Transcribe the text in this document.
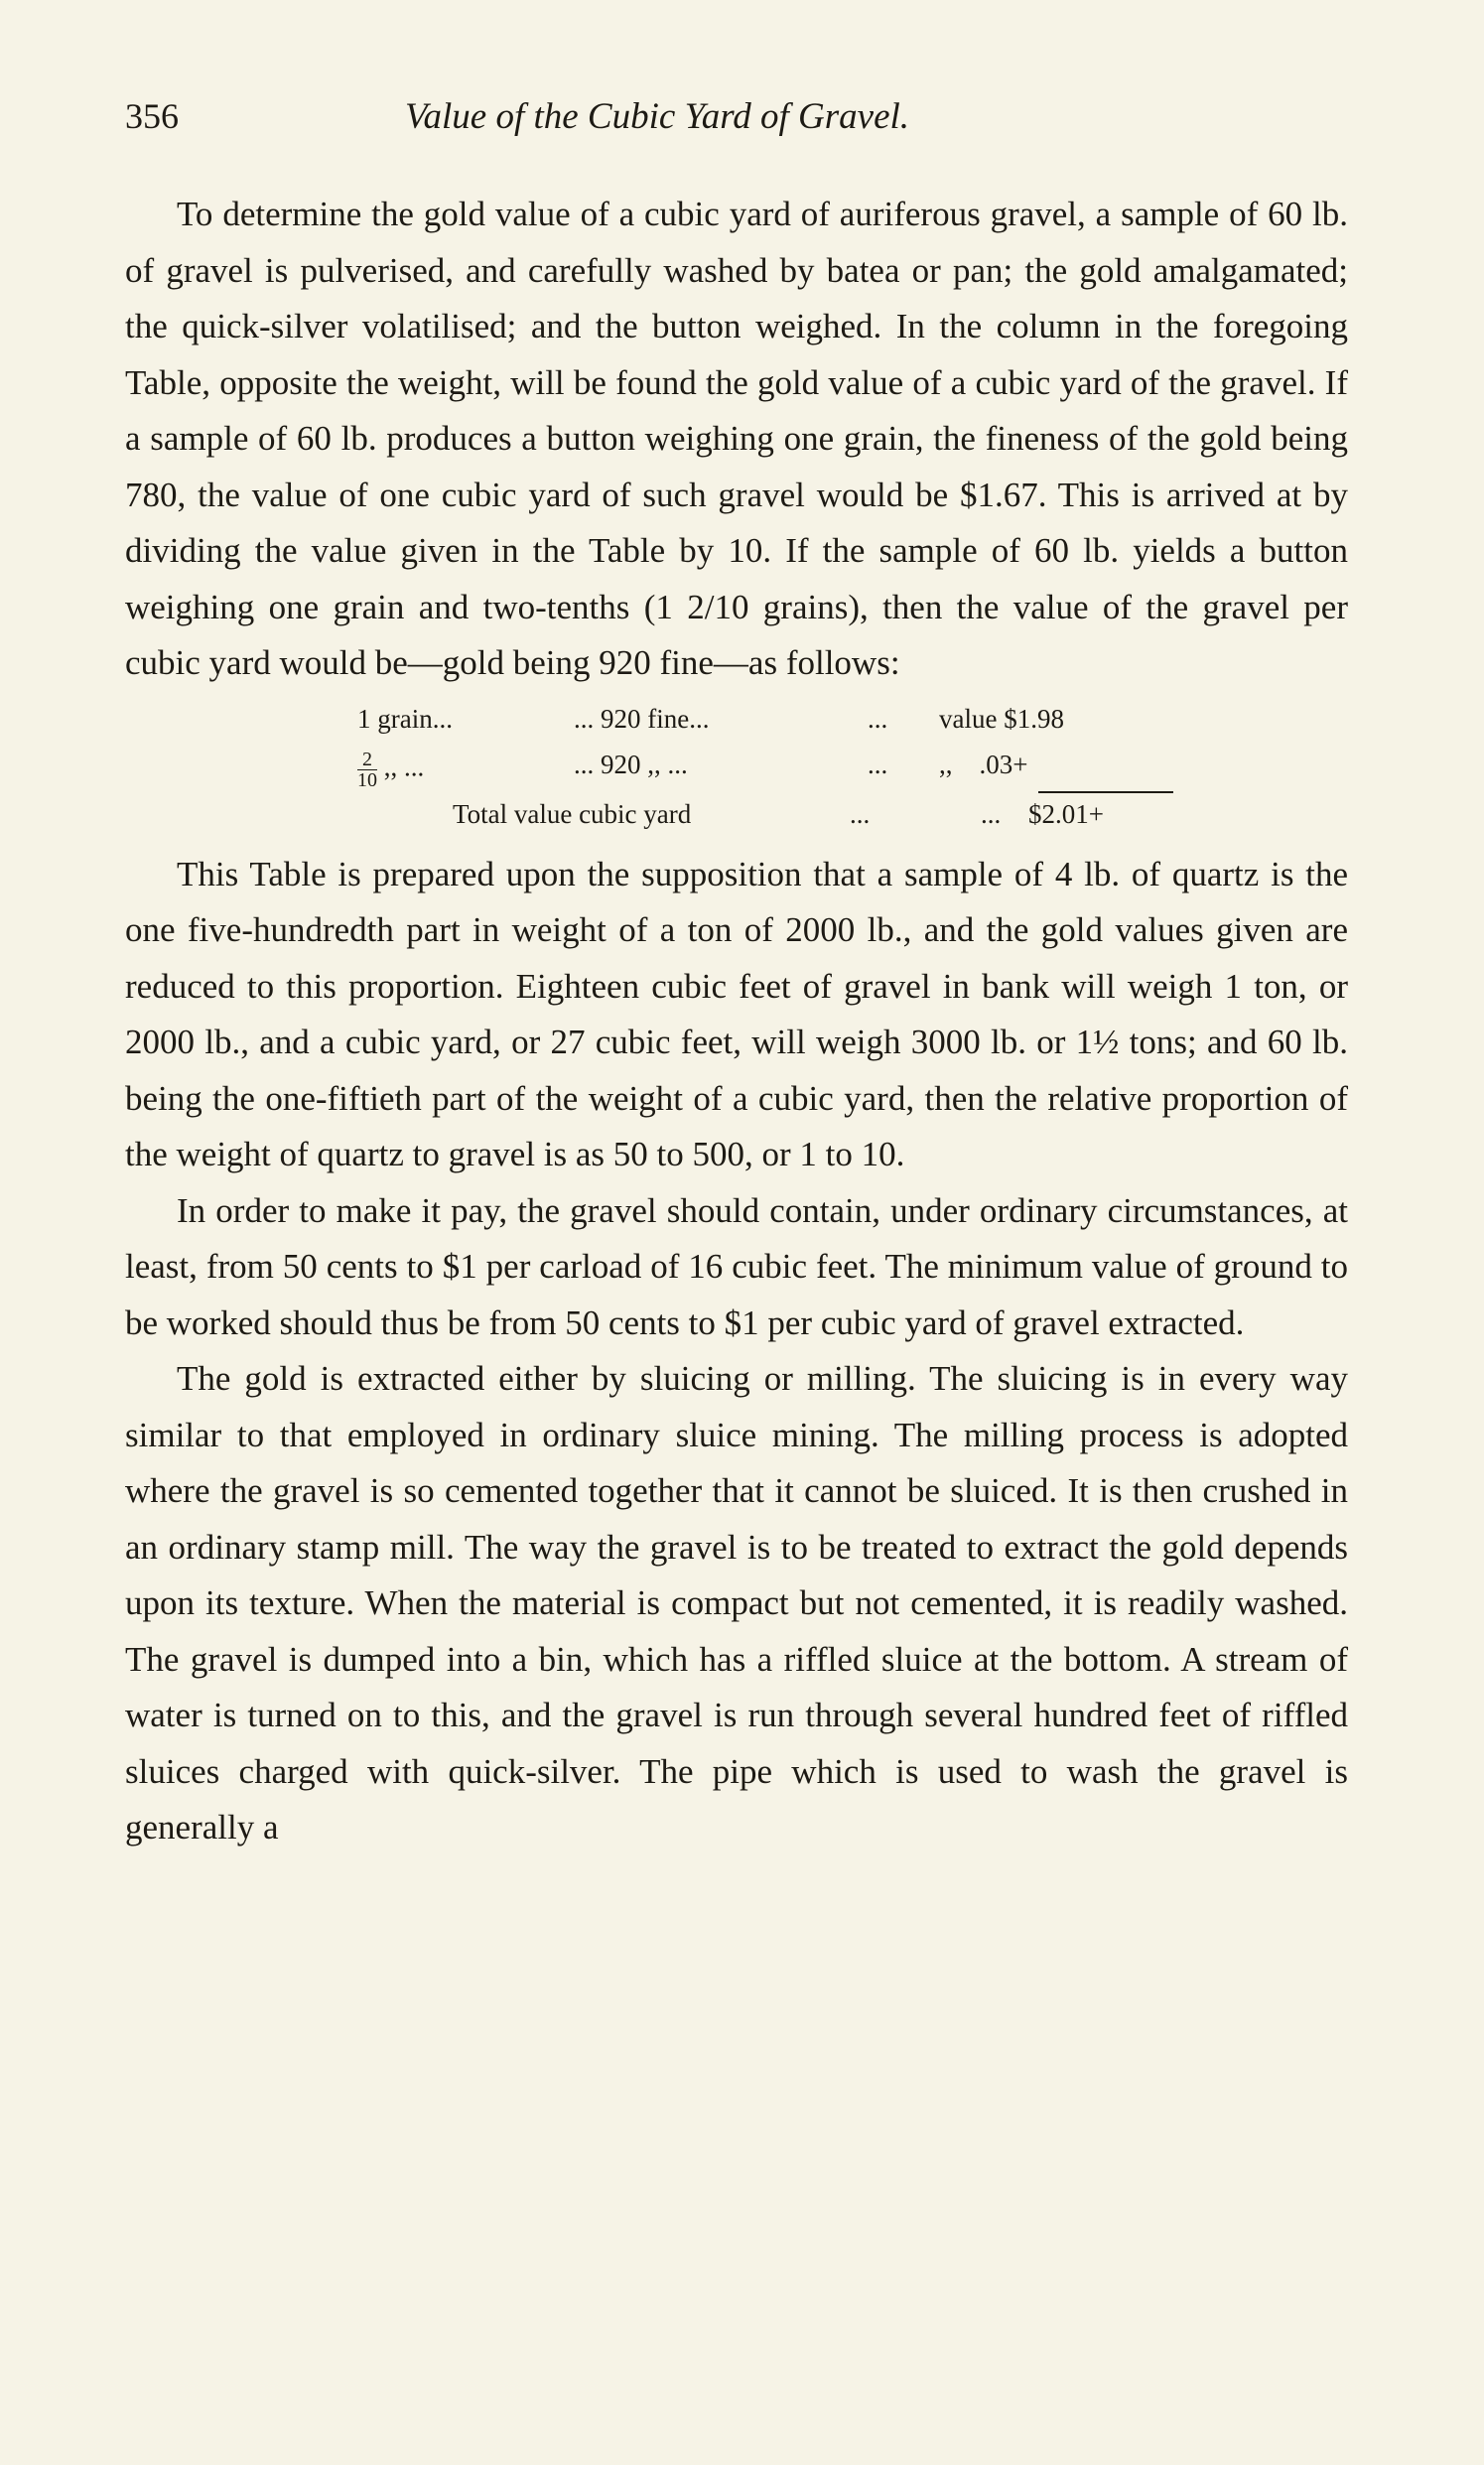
356	Value of the Cubic Yard of Gravel.

To determine the gold value of a cubic yard of auriferous gravel, a sample of 60 lb. of gravel is pulverised, and carefully washed by batea or pan; the gold amalgamated; the quick-silver volatilised; and the button weighed. In the column in the foregoing Table, opposite the weight, will be found the gold value of a cubic yard of the gravel. If a sample of 60 lb. produces a button weighing one grain, the fineness of the gold being 780, the value of one cubic yard of such gravel would be $1.67. This is arrived at by dividing the value given in the Table by 10. If the sample of 60 lb. yields a button weighing one grain and two-tenths (1 2/10 grains), then the value of the gravel per cubic yard would be—gold being 920 fine—as follows:

1 grain...	... 920 fine...	... value $1.98
$\frac{2}{10}$ ,, ...	... 920 ,, ...	... ,,    .03+
Total value cubic yard	...	... $2.01+

This Table is prepared upon the supposition that a sample of 4 lb. of quartz is the one five-hundredth part in weight of a ton of 2000 lb., and the gold values given are reduced to this proportion. Eighteen cubic feet of gravel in bank will weigh 1 ton, or 2000 lb., and a cubic yard, or 27 cubic feet, will weigh 3000 lb. or 1½ tons; and 60 lb. being the one-fiftieth part of the weight of a cubic yard, then the relative proportion of the weight of quartz to gravel is as 50 to 500, or 1 to 10.

In order to make it pay, the gravel should contain, under ordinary circumstances, at least, from 50 cents to $1 per carload of 16 cubic feet. The minimum value of ground to be worked should thus be from 50 cents to $1 per cubic yard of gravel extracted.

The gold is extracted either by sluicing or milling. The sluicing is in every way similar to that employed in ordinary sluice mining. The milling process is adopted where the gravel is so cemented together that it cannot be sluiced. It is then crushed in an ordinary stamp mill. The way the gravel is to be treated to extract the gold depends upon its texture. When the material is compact but not cemented, it is readily washed. The gravel is dumped into a bin, which has a riffled sluice at the bottom. A stream of water is turned on to this, and the gravel is run through several hundred feet of riffled sluices charged with quick-silver. The pipe which is used to wash the gravel is generally a
